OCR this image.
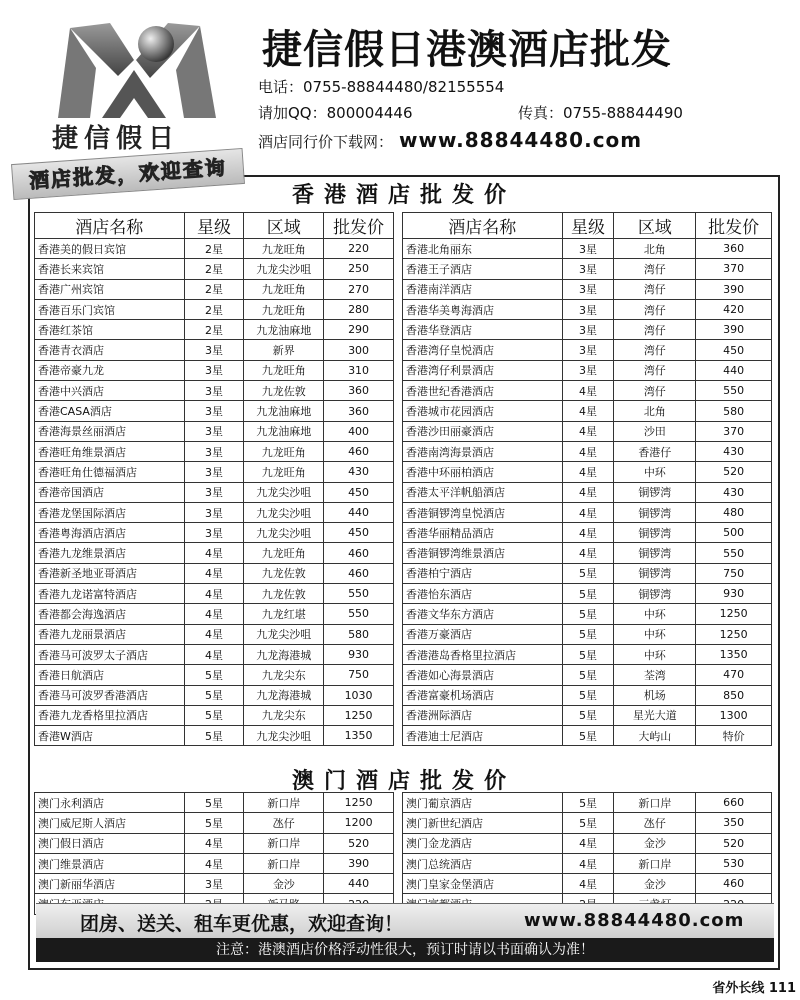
捷信假日
捷信假日港澳酒店批发
电话：0755-88844480/82155554
请加QQ：800004446	传真：0755-88844490
酒店同行价下载网： www.88844480.com
酒店批发，欢迎查询
香港酒店批发价
酒店名称	星级	区域	批发价
香港美的假日宾馆	2星	九龙旺角	220
香港长来宾馆	2星	九龙尖沙咀	250
香港广州宾馆	2星	九龙旺角	270
香港百乐门宾馆	2星	九龙旺角	280
香港红茶馆	2星	九龙油麻地	290
香港青衣酒店	3星	新界	300
香港帝豪九龙	3星	九龙旺角	310
香港中兴酒店	3星	九龙佐敦	360
香港CASA酒店	3星	九龙油麻地	360
香港海景丝丽酒店	3星	九龙油麻地	400
香港旺角维景酒店	3星	九龙旺角	460
香港旺角仕德福酒店	3星	九龙旺角	430
香港帝国酒店	3星	九龙尖沙咀	450
香港龙堡国际酒店	3星	九龙尖沙咀	440
香港粤海酒店酒店	3星	九龙尖沙咀	450
香港九龙维景酒店	4星	九龙旺角	460
香港新圣地亚哥酒店	4星	九龙佐敦	460
香港九龙诺富特酒店	4星	九龙佐敦	550
香港都会海逸酒店	4星	九龙红堪	550
香港九龙丽景酒店	4星	九龙尖沙咀	580
香港马可波罗太子酒店	4星	九龙海港城	930
香港日航酒店	5星	九龙尖东	750
香港马可波罗香港酒店	5星	九龙海港城	1030
香港九龙香格里拉酒店	5星	九龙尖东	1250
香港W酒店	5星	九龙尖沙咀	1350
酒店名称	星级	区域	批发价
香港北角丽东	3星	北角	360
香港王子酒店	3星	湾仔	370
香港南洋酒店	3星	湾仔	390
香港华美粤海酒店	3星	湾仔	420
香港华登酒店	3星	湾仔	390
香港湾仔皇悦酒店	3星	湾仔	450
香港湾仔利景酒店	3星	湾仔	440
香港世纪香港酒店	4星	湾仔	550
香港城市花园酒店	4星	北角	580
香港沙田丽豪酒店	4星	沙田	370
香港南湾海景酒店	4星	香港仔	430
香港中环丽柏酒店	4星	中环	520
香港太平洋帆船酒店	4星	铜锣湾	430
香港铜锣湾皇悦酒店	4星	铜锣湾	480
香港华丽精品酒店	4星	铜锣湾	500
香港铜锣湾维景酒店	4星	铜锣湾	550
香港柏宁酒店	5星	铜锣湾	750
香港怡东酒店	5星	铜锣湾	930
香港文华东方酒店	5星	中环	1250
香港万豪酒店	5星	中环	1250
香港港岛香格里拉酒店	5星	中环	1350
香港如心海景酒店	5星	荃湾	470
香港富豪机场酒店	5星	机场	850
香港洲际酒店	5星	星光大道	1300
香港迪士尼酒店	5星	大屿山	特价
澳门酒店批发价
澳门永利酒店	5星	新口岸	1250
澳门威尼斯人酒店	5星	氹仔	1200
澳门假日酒店	4星	新口岸	520
澳门维景酒店	4星	新口岸	390
澳门新丽华酒店	3星	金沙	440

澳门葡京酒店	5星	新口岸	660
澳门新世纪酒店	5星	氹仔	350
澳门金龙酒店	4星	金沙	520
澳门总统酒店	4星	新口岸	530
澳门皇家金堡酒店	4星	金沙	460

团房、送关、租车更优惠，欢迎查询！	www.88844480.com
注意：港澳酒店价格浮动性很大，预订时请以书面确认为准！
省外长线 111
